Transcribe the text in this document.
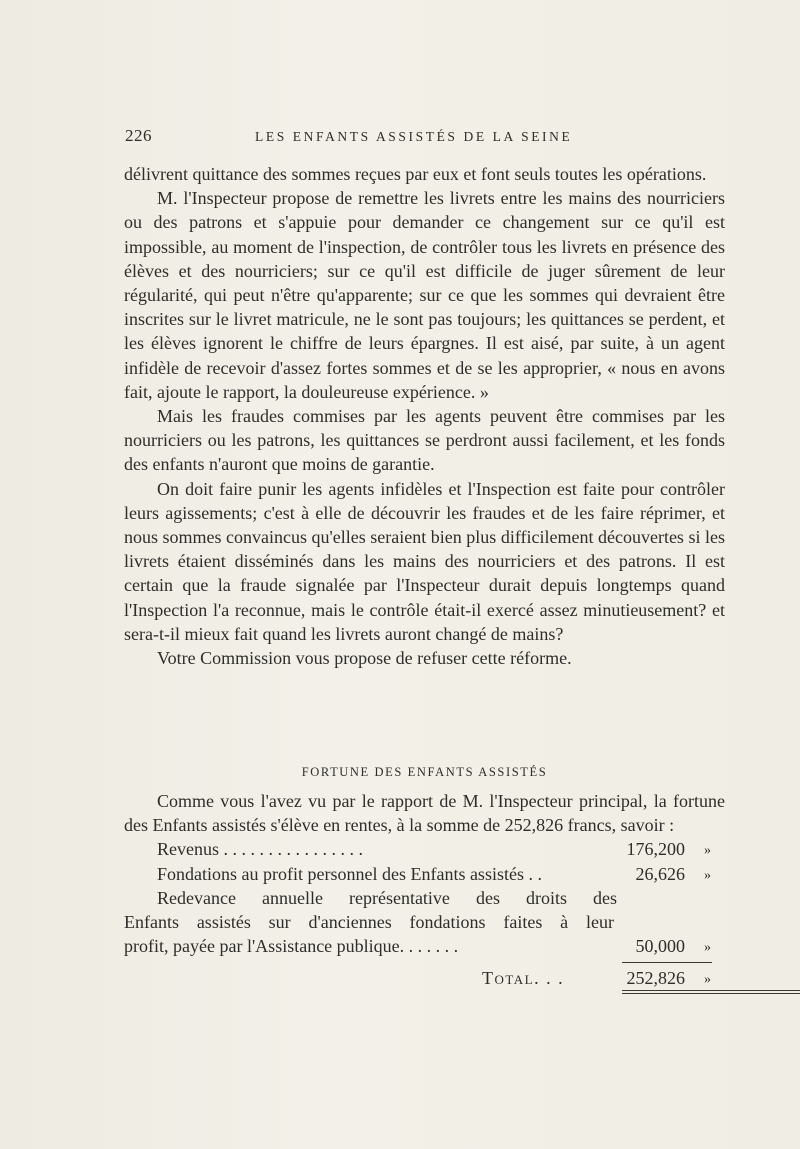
226	LES ENFANTS ASSISTÉS DE LA SEINE

délivrent quittance des sommes reçues par eux et font seuls toutes les opérations.

M. l'Inspecteur propose de remettre les livrets entre les mains des nourriciers ou des patrons et s'appuie pour demander ce changement sur ce qu'il est impossible, au moment de l'inspection, de contrôler tous les livrets en présence des élèves et des nourriciers; sur ce qu'il est difficile de juger sûrement de leur régularité, qui peut n'être qu'apparente; sur ce que les sommes qui devraient être inscrites sur le livret matricule, ne le sont pas toujours; les quittances se perdent, et les élèves ignorent le chiffre de leurs épargnes. Il est aisé, par suite, à un agent infidèle de recevoir d'assez fortes sommes et de se les approprier, « nous en avons fait, ajoute le rapport, la douleureuse expérience. »

Mais les fraudes commises par les agents peuvent être commises par les nourriciers ou les patrons, les quittances se perdront aussi facilement, et les fonds des enfants n'auront que moins de garantie.

On doit faire punir les agents infidèles et l'Inspection est faite pour contrôler leurs agissements; c'est à elle de découvrir les fraudes et de les faire réprimer, et nous sommes convaincus qu'elles seraient bien plus difficilement découvertes si les livrets étaient disséminés dans les mains des nourriciers et des patrons. Il est certain que la fraude signalée par l'Inspecteur durait depuis longtemps quand l'Inspection l'a reconnue, mais le contrôle était-il exercé assez minutieusement? et sera-t-il mieux fait quand les livrets auront changé de mains?

Votre Commission vous propose de refuser cette réforme.

FORTUNE DES ENFANTS ASSISTÉS

Comme vous l'avez vu par le rapport de M. l'Inspecteur principal, la fortune des Enfants assistés s'élève en rentes, à la somme de 252,826 francs, savoir :

Revenus . . . . . . . . . . . . . . . .	176,200 »
Fondations au profit personnel des Enfants assistés . .	26,626 »
Redevance annuelle représentative des droits des
Enfants assistés sur d'anciennes fondations faites à leur
profit, payée par l'Assistance publique. . . . . . .	50,000 »
Total. . .	252,826 »
